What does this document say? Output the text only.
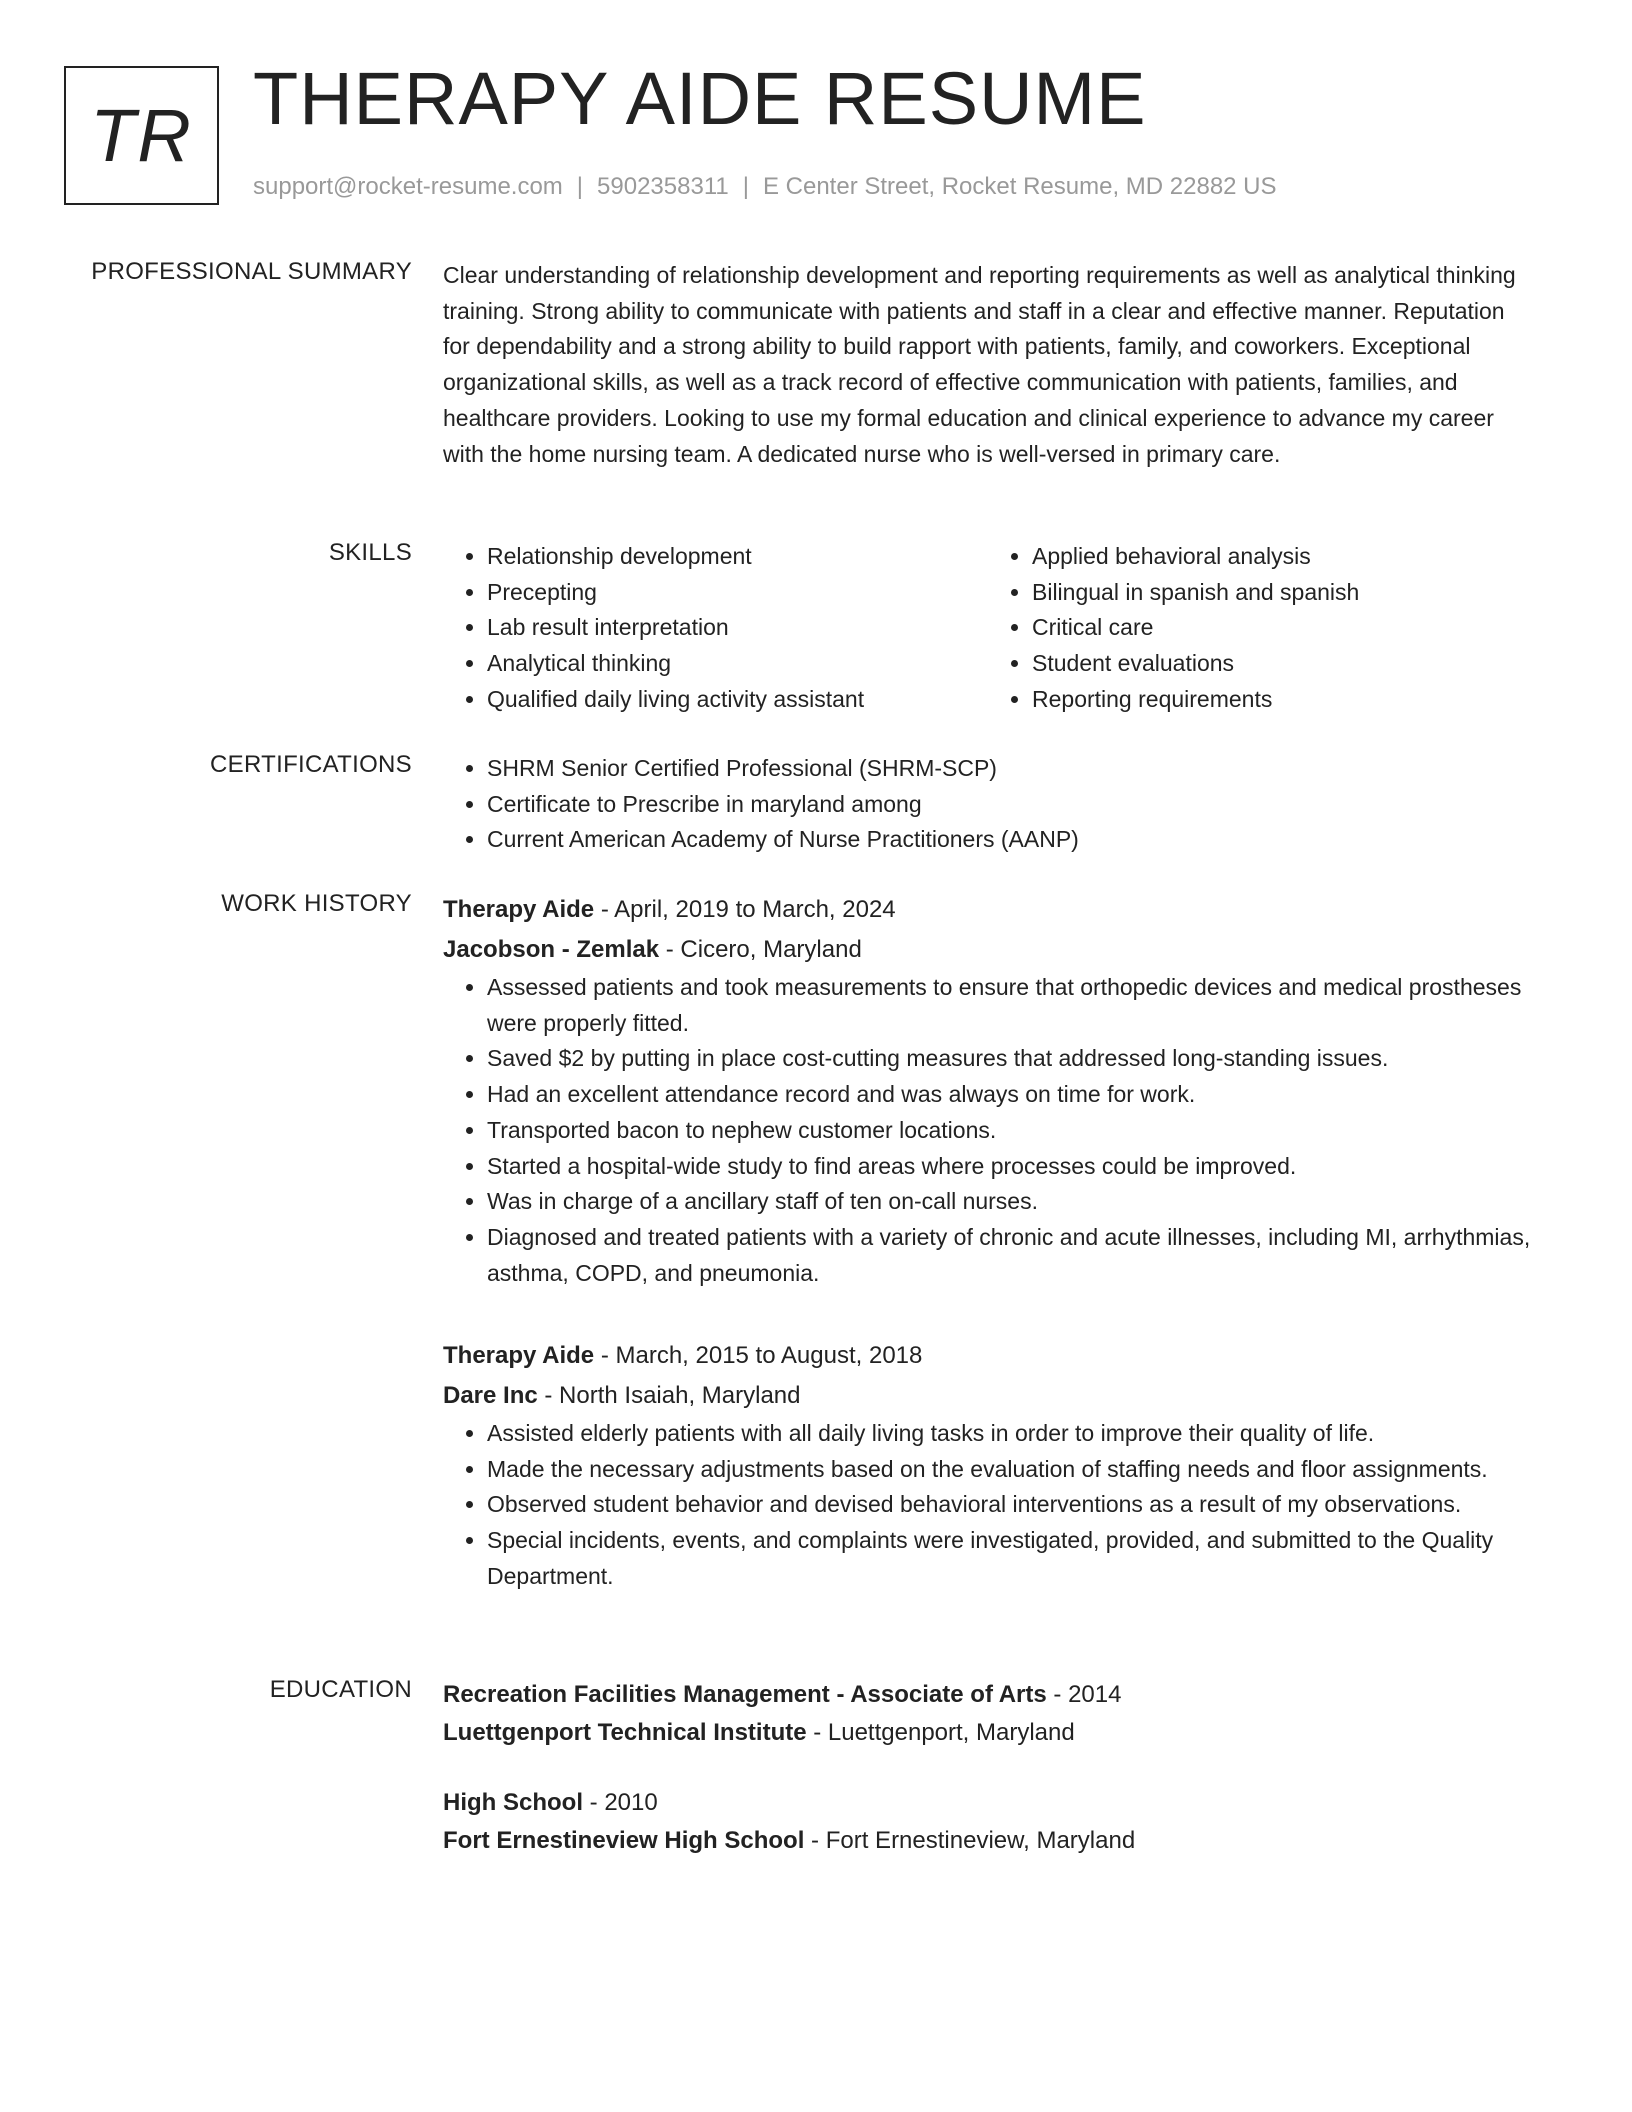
TR THERAPY AIDE RESUME
support@rocket-resume.com | 5902358311 | E Center Street, Rocket Resume, MD 22882 US
PROFESSIONAL SUMMARY Clear understanding of relationship development and reporting requirements as well as analytical thinking training. Strong ability to communicate with patients and staff in a clear and effective manner. Reputation for dependability and a strong ability to build rapport with patients, family, and coworkers. Exceptional organizational skills, as well as a track record of effective communication with patients, families, and healthcare providers. Looking to use my formal education and clinical experience to advance my career with the home nursing team. A dedicated nurse who is well-versed in primary care.

SKILLS	• Relationship development
• Precepting
• Lab result interpretation
• Analytical thinking
• Qualified daily living activity assistant
• Applied behavioral analysis
• Bilingual in spanish and spanish
• Critical care
• Student evaluations
• Reporting requirements
CERTIFICATIONS	• SHRM Senior Certified Professional (SHRM-SCP)
• Certificate to Prescribe in maryland among
• Current American Academy of Nurse Practitioners (AANP)
WORK HISTORY Therapy Aide - April, 2019 to March, 2024
Jacobson - Zemlak - Cicero, Maryland
• Assessed patients and took measurements to ensure that orthopedic devices and medical prostheses were properly fitted.
• Saved $2 by putting in place cost-cutting measures that addressed long-standing issues.
• Had an excellent attendance record and was always on time for work.
• Transported bacon to nephew customer locations.
• Started a hospital-wide study to find areas where processes could be improved.
• Was in charge of a ancillary staff of ten on-call nurses.
• Diagnosed and treated patients with a variety of chronic and acute illnesses, including MI, arrhythmias, asthma, COPD, and pneumonia.
Therapy Aide - March, 2015 to August, 2018
Dare Inc - North Isaiah, Maryland
• Assisted elderly patients with all daily living tasks in order to improve their quality of life.
• Made the necessary adjustments based on the evaluation of staffing needs and floor assignments.
• Observed student behavior and devised behavioral interventions as a result of my observations.
• Special incidents, events, and complaints were investigated, provided, and submitted to the Quality Department.
EDUCATION Recreation Facilities Management - Associate of Arts - 2014
Luettgenport Technical Institute - Luettgenport, Maryland
High School - 2010
Fort Ernestineview High School - Fort Ernestineview, Maryland
